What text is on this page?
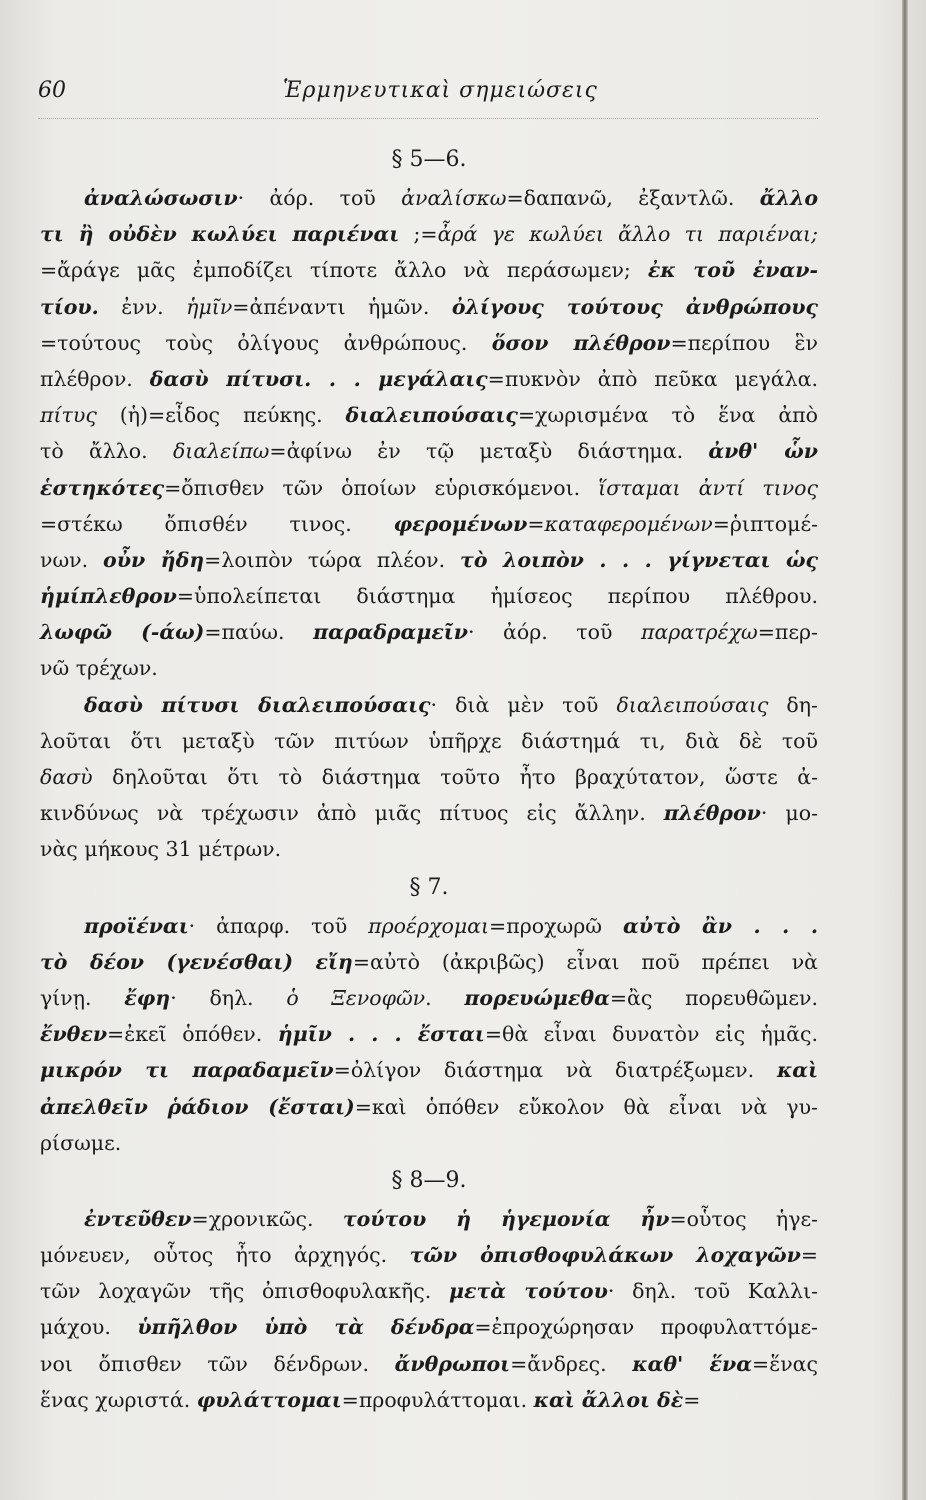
60	Ἑρμηνευτικαὶ σημειώσεις
§ 5—6.

ἀναλώσωσιν· ἀόρ. τοῦ ἀναλίσκω=δαπανῶ, ἐξαντλῶ. ἄλλο
τι ἢ οὐδὲν κωλύει παριέναι ;=ἆρά γε κωλύει ἄλλο τι παριέναι;
=ἄράγε μᾶς ἐμποδίζει τίποτε ἄλλο νὰ περάσωμεν; ἐκ τοῦ ἐναν-
τίου. ἐνν. ἡμῖν=ἀπέναντι ἡμῶν. ὀλίγους τούτους ἀνθρώπους
=τούτους τοὺς ὀλίγους ἀνθρώπους. ὅσον πλέθρον=περίπου ἓν
πλέθρον. δασὺ πίτυσι. . . μεγάλαις=πυκνὸν ἀπὸ πεῦκα μεγάλα.
πίτυς (ἡ)=εἶδος πεύκης. διαλειπούσαις=χωρισμένα τὸ ἕνα ἀπὸ
τὸ ἄλλο. διαλείπω=ἀφίνω ἐν τῷ μεταξὺ διάστημα. ἀνθ' ὧν
ἑστηκότες=ὄπισθεν τῶν ὁποίων εὑρισκόμενοι. ἵσταμαι ἀντί τινος
=στέκω ὄπισθέν τινος. φερομένων=καταφερομένων=ῥιπτομέ-
νων. οὖν ἤδη=λοιπὸν τώρα πλέον. τὸ λοιπὸν . . . γίγνεται ὡς
ἡμίπλεθρον=ὑπολείπεται διάστημα ἡμίσεος περίπου πλέθρου.
λωφῶ (-άω)=παύω. παραδραμεῖν· ἀόρ. τοῦ παρατρέχω=περ-
νῶ τρέχων.

δασὺ πίτυσι διαλειπούσαις· διὰ μὲν τοῦ διαλειπούσαις δη-
λοῦται ὅτι μεταξὺ τῶν πιτύων ὑπῆρχε διάστημά τι, διὰ δὲ τοῦ
δασὺ δηλοῦται ὅτι τὸ διάστημα τοῦτο ἦτο βραχύτατον, ὥστε ἀ-
κινδύνως νὰ τρέχωσιν ἀπὸ μιᾶς πίτυος εἰς ἄλλην. πλέθρον· μο-
νὰς μήκους 31 μέτρων.

§ 7.

προϊέναι· ἀπαρφ. τοῦ προέρχομαι=προχωρῶ αὐτὸ ἂν . . .
τὸ δέον (γενέσθαι) εἴη=αὐτὸ (ἀκριβῶς) εἶναι ποῦ πρέπει νὰ
γίνῃ. ἔφη· δηλ. ὁ Ξενοφῶν. πορευώμεθα=ἂς πορευθῶμεν.
ἔνθεν=ἐκεῖ ὁπόθεν. ἡμῖν . . . ἔσται=θὰ εἶναι δυνατὸν εἰς ἡμᾶς.
μικρόν τι παραδαμεῖν=ὀλίγον διάστημα νὰ διατρέξωμεν. καὶ
ἀπελθεῖν ῥάδιον (ἔσται)=καὶ ὁπόθεν εὔκολον θὰ εἶναι νὰ γυ-
ρίσωμε.

§ 8—9.

ἐντεῦθεν=χρονικῶς. τούτου ἡ ἡγεμονία ἦν=οὗτος ἡγε-
μόνευεν, οὗτος ἦτο ἀρχηγός. τῶν ὀπισθοφυλάκων λοχαγῶν=
τῶν λοχαγῶν τῆς ὀπισθοφυλακῆς. μετὰ τούτου· δηλ. τοῦ Καλλι-
μάχου. ὑπῆλθον ὑπὸ τὰ δένδρα=ἐπροχώρησαν προφυλαττόμε-
νοι ὄπισθεν τῶν δένδρων. ἄνθρωποι=ἄνδρες. καθ' ἕνα=ἕνας
ἕνας χωριστά. φυλάττομαι=προφυλάττομαι. καὶ ἄλλοι δὲ=
